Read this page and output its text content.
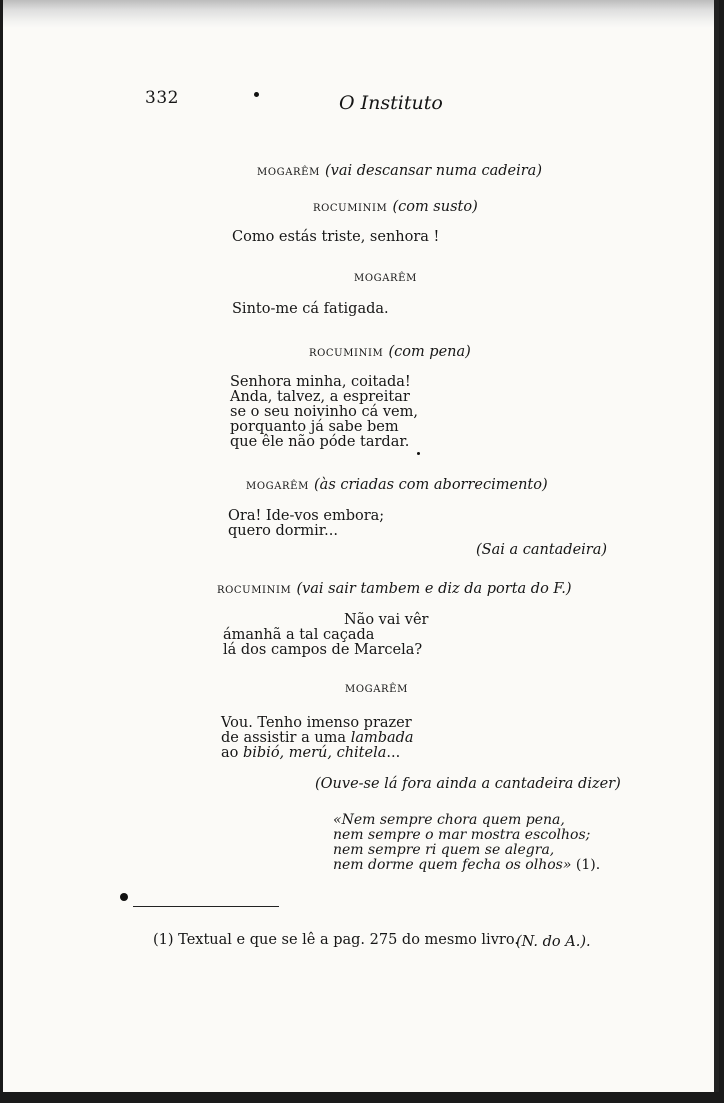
332	O Instituto
MOGARÊM (vai descansar numa cadeira)
ROCUMINIM (com susto)
Como estás triste, senhora !
MOGARÊM
Sinto-me cá fatigada.
ROCUMINIM (com pena)
Senhora minha, coitada!
Anda, talvez, a espreitar
se o seu noivinho cá vem,
porquanto já sabe bem
que êle não póde tardar.
MOGARÊM (às criadas com aborrecimento)
Ora! Ide-vos embora;
quero dormir...
(Sai a cantadeira)
ROCUMINIM (vai sair tambem e diz da porta do F.)
Não vai vêr
ámanhã a tal caçada
lá dos campos de Marcela?
MOGARÊM
Vou. Tenho imenso prazer
de assistir a uma lambada
ao bibió, merú, chitela...
(Ouve-se lá fora ainda a cantadeira dizer)
«Nem sempre chora quem pena,
nem sempre o mar mostra escolhos;
nem sempre ri quem se alegra,
nem dorme quem fecha os olhos» (1).
(1) Textual e que se lê a pag. 275 do mesmo livro.
(N. do A.).
